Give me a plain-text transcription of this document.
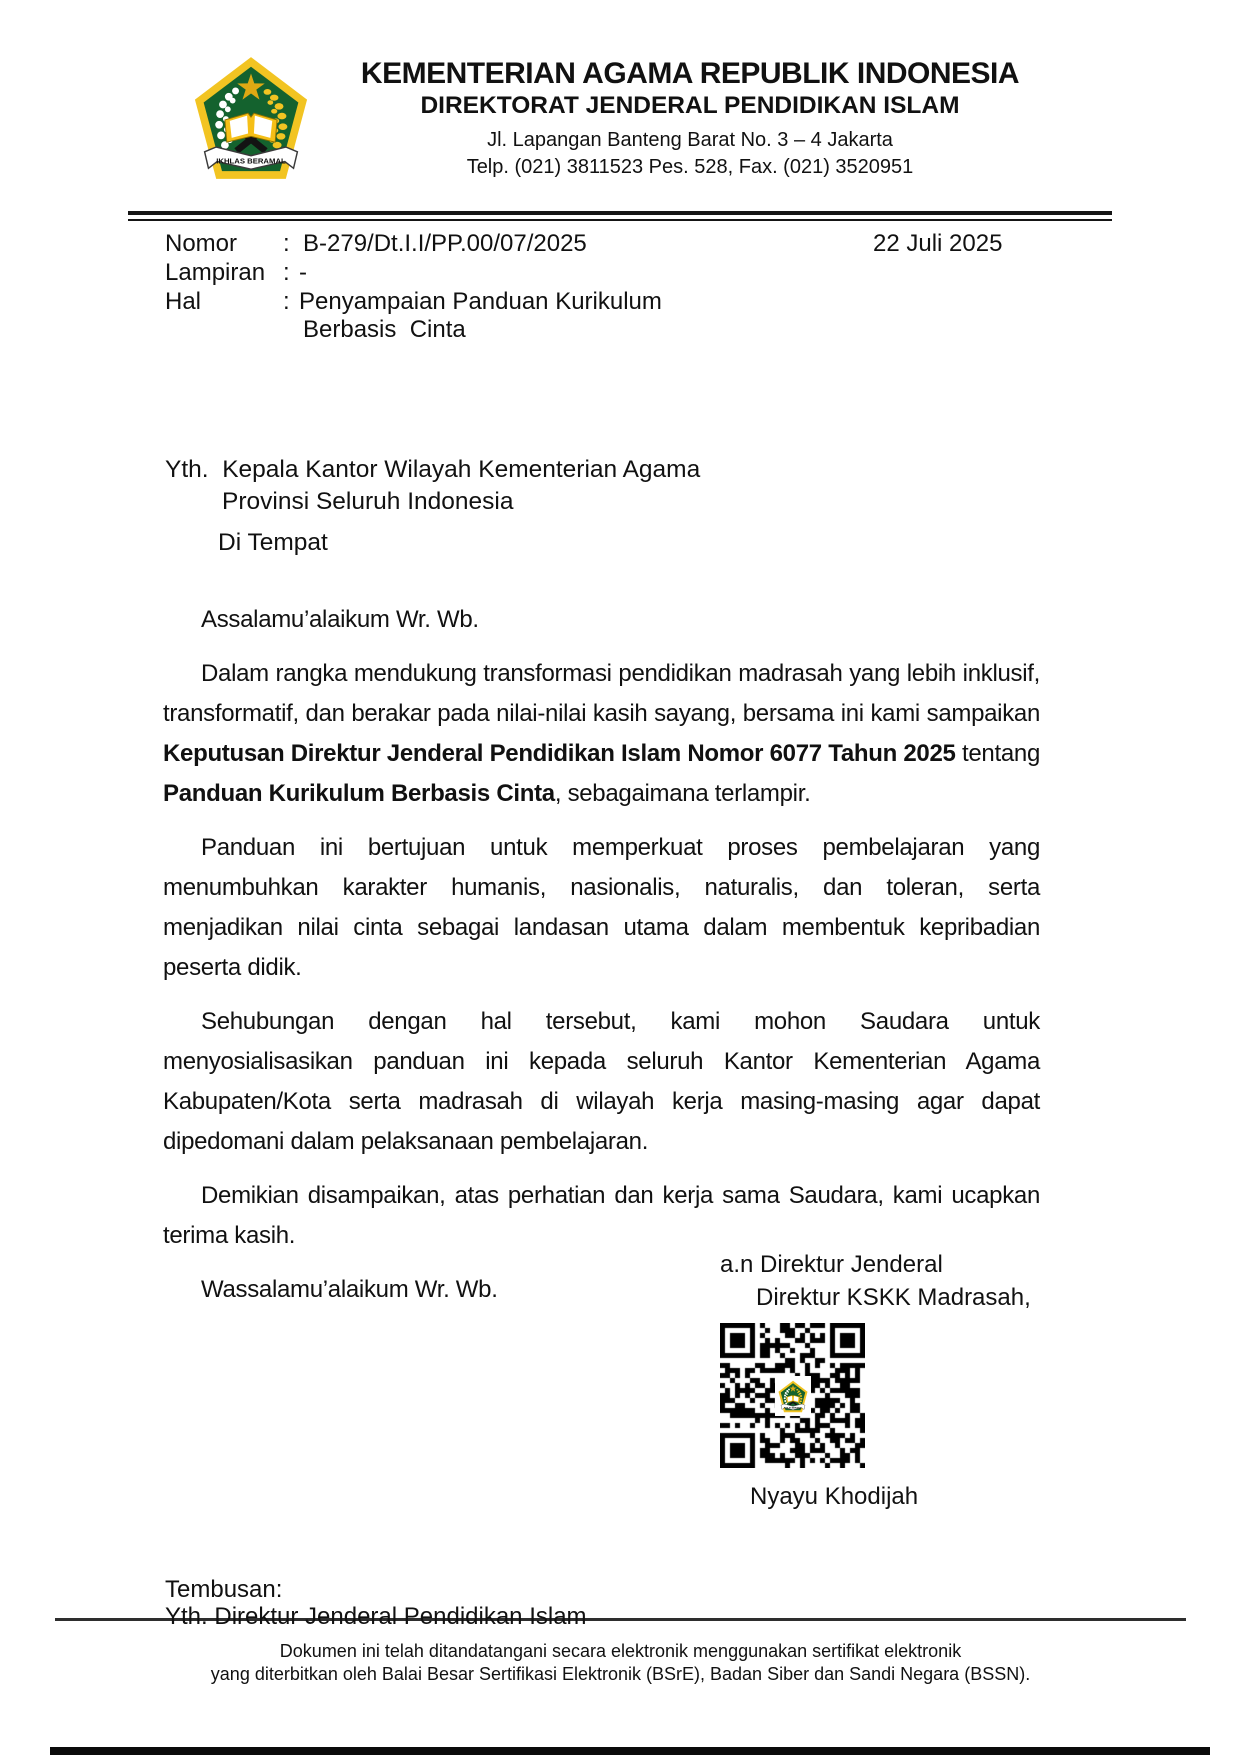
KEMENTERIAN AGAMA REPUBLIK INDONESIA
DIREKTORAT JENDERAL PENDIDIKAN ISLAM
Jl. Lapangan Banteng Barat No. 3 – 4 Jakarta
Telp. (021) 3811523 Pes. 528, Fax. (021) 3520951
Nomor : B-279/Dt.I.I/PP.00/07/2025	22 Juli 2025
Lampiran : -
Hal	: Penyampaian Panduan Kurikulum
Berbasis  Cinta
Yth.  Kepala Kantor Wilayah Kementerian Agama
Provinsi Seluruh Indonesia
Di Tempat

Assalamu’alaikum Wr. Wb.

Dalam rangka mendukung transformasi pendidikan madrasah yang lebih inklusif, transformatif, dan berakar pada nilai-nilai kasih sayang, bersama ini kami sampaikan Keputusan Direktur Jenderal Pendidikan Islam Nomor 6077 Tahun 2025 tentang Panduan Kurikulum Berbasis Cinta, sebagaimana terlampir.

Panduan ini bertujuan untuk memperkuat proses pembelajaran yang menumbuhkan karakter humanis, nasionalis, naturalis, dan toleran, serta menjadikan nilai cinta sebagai landasan utama dalam membentuk kepribadian peserta didik.

Sehubungan dengan hal tersebut, kami mohon Saudara untuk menyosialisasikan panduan ini kepada seluruh Kantor Kementerian Agama Kabupaten/Kota serta madrasah di wilayah kerja masing-masing agar dapat dipedomani dalam pelaksanaan pembelajaran.

Demikian disampaikan, atas perhatian dan kerja sama Saudara, kami ucapkan terima kasih.

Wassalamu’alaikum Wr. Wb.

a.n Direktur Jenderal
Direktur KSKK Madrasah,
Nyayu Khodijah
Tembusan:
Yth. Direktur Jenderal Pendidikan Islam
Dokumen ini telah ditandatangani secara elektronik menggunakan sertifikat elektronik
yang diterbitkan oleh Balai Besar Sertifikasi Elektronik (BSrE), Badan Siber dan Sandi Negara (BSSN).
